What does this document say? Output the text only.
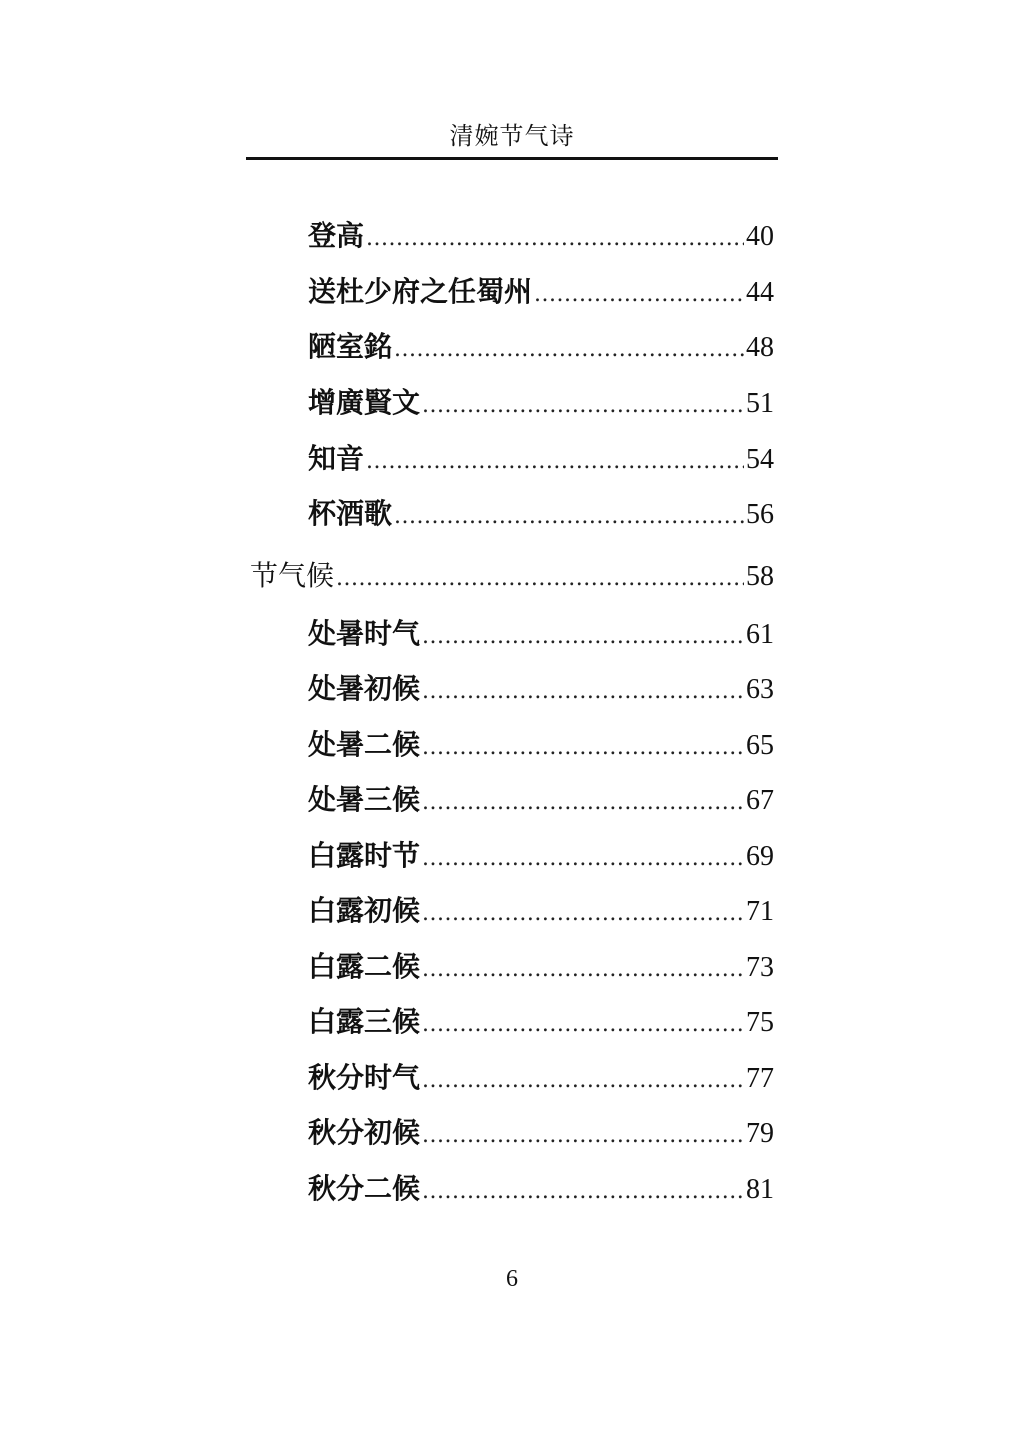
清婉节气诗
登高 .....	40
送杜少府之任蜀州 .....	44
陋室銘 .....	48
增廣賢文 .....	51
知音 .....	54
杯酒歌 .....	56
节气候 .....	58
处暑时气 .....	61
处暑初候 .....	63
处暑二候 .....	65
处暑三候 .....	67
白露时节 .....	69
白露初候 .....	71
白露二候 .....	73
白露三候 .....	75
秋分时气 .....	77
秋分初候 .....	79
秋分二候 .....	81
6
